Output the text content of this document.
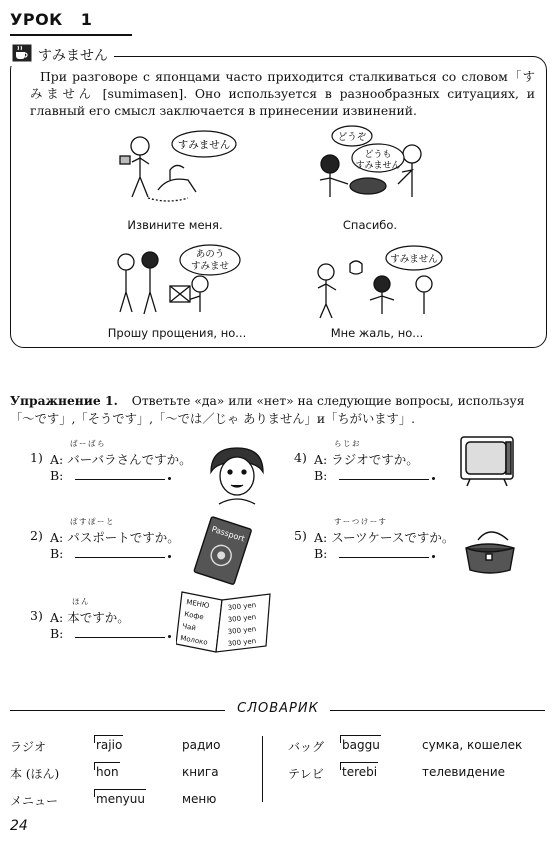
УРОК 1
すみません
При разговоре с японцами часто приходится сталкиваться со словом「すみません [sumimasen]. Оно используется в разнообразных ситуациях, и главный его смысл заключается в принесении извинений.
すみません
Извините меня.
どうぞ
どうも
すみません
Спасибо.
あのう
すみませ
Прошу прощения, но...
すみません
Мне жаль, но...
Упражнение 1. Ответьте «да» или «нет» на следующие вопросы, используя「〜です」,「そうです」,「〜では／じゃ ありません」и「ちがいます」.
ばーばら
1) A: バーバラさんですか。
B:
ぱすぽーと
2) A: パスポートですか。
B:
ほん
3) A: 本ですか。
B:
らじお
4) A: ラジオですか。
B:
すーつけーす
5) A: スーツケースですか。
B:
Passport
МЕНЮ
Кофе
Чай
Молоко
300 yen
300 yen
300 yen
300 yen
СЛОВАРИК
ラジオ	rajio	радио
本 (ほん)	hon	книга
メニュー	menyuu	меню
バッグ baggu	сумка, кошелек
テレビ terebi	телевидение
24
